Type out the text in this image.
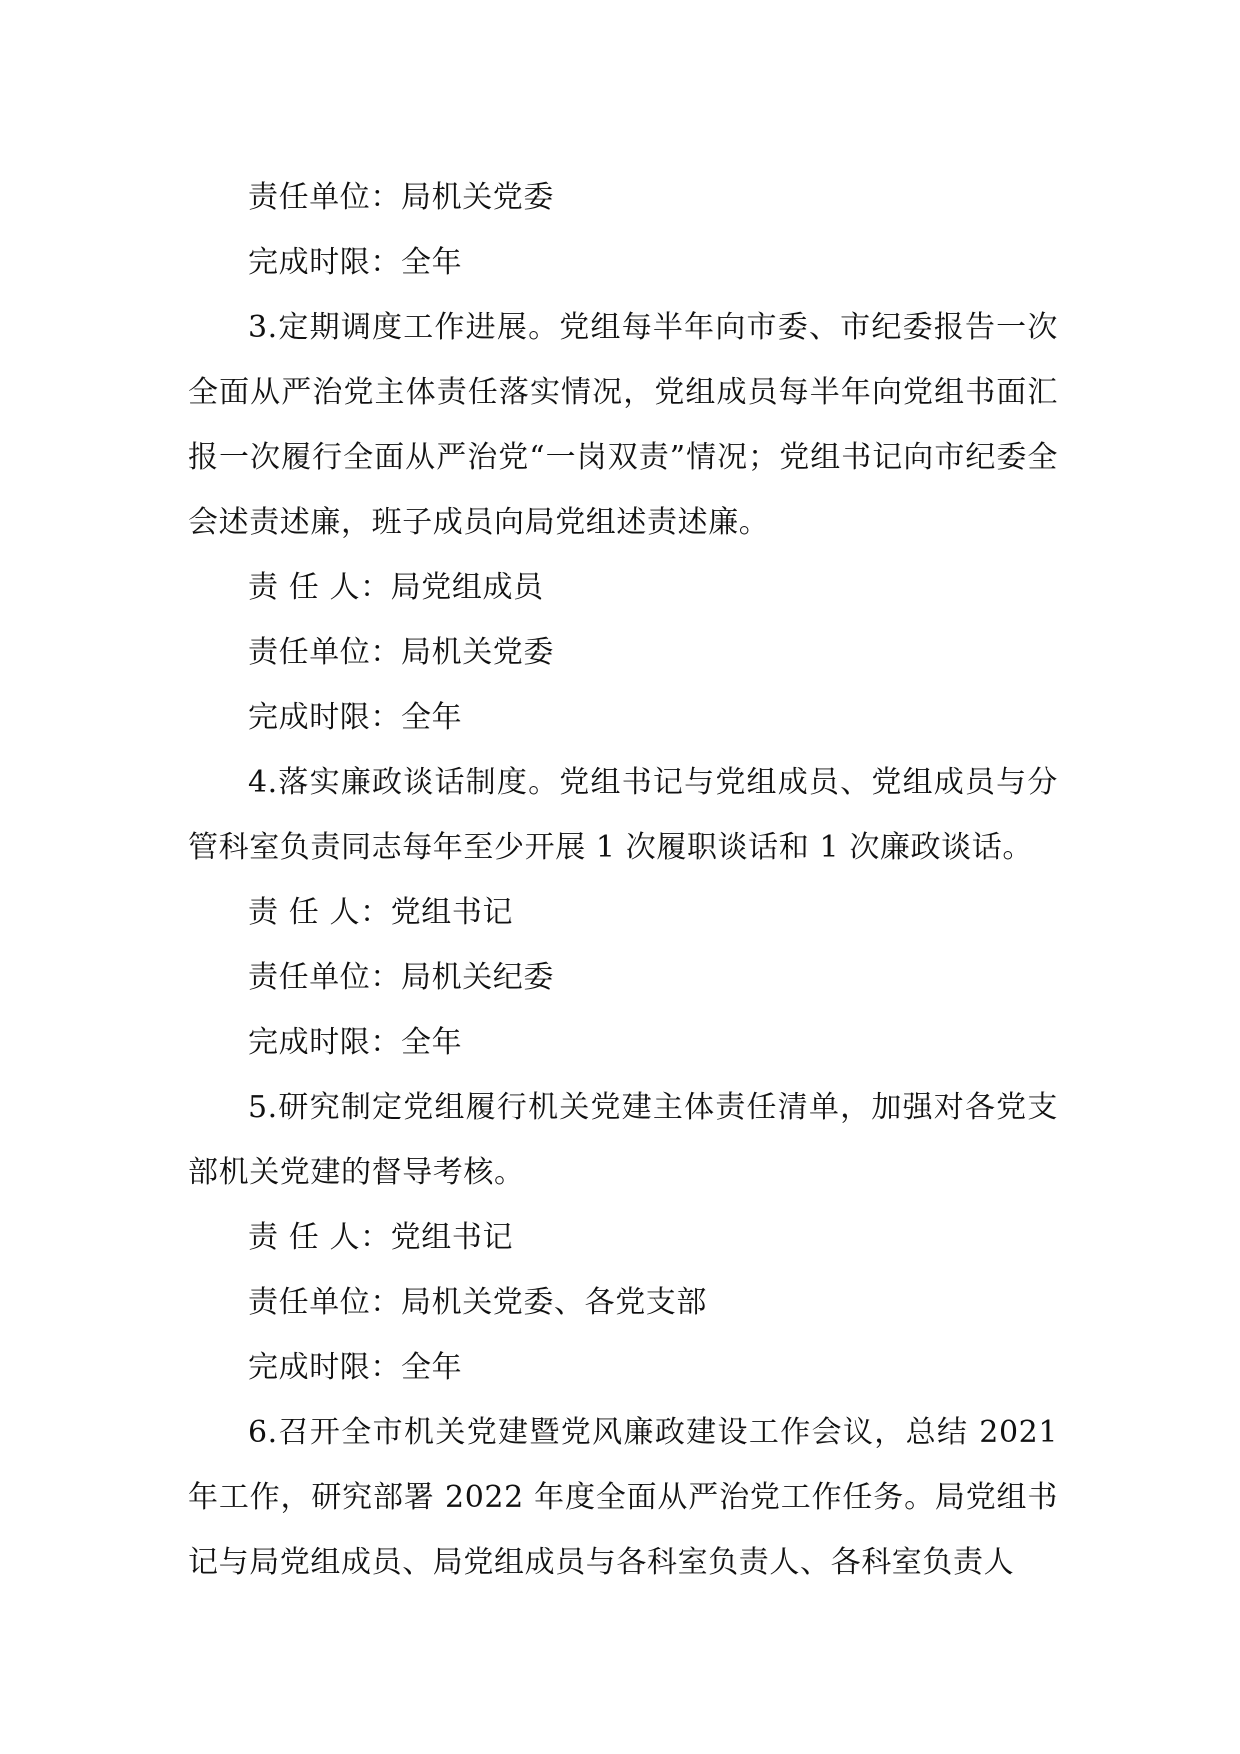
责任单位：局机关党委

完成时限：全年

3.定期调度工作进展。党组每半年向市委、市纪委报告一次全面从严治党主体责任落实情况，党组成员每半年向党组书面汇报一次履行全面从严治党“一岗双责”情况；党组书记向市纪委全会述责述廉，班子成员向局党组述责述廉。

责 任 人：局党组成员

责任单位：局机关党委

完成时限：全年

4.落实廉政谈话制度。党组书记与党组成员、党组成员与分管科室负责同志每年至少开展 1 次履职谈话和 1 次廉政谈话。

责 任 人：党组书记

责任单位：局机关纪委

完成时限：全年

5.研究制定党组履行机关党建主体责任清单，加强对各党支部机关党建的督导考核。

责 任 人：党组书记

责任单位：局机关党委、各党支部

完成时限：全年

6.召开全市机关党建暨党风廉政建设工作会议，总结 2021 年工作，研究部署 2022 年度全面从严治党工作任务。局党组书记与局党组成员、局党组成员与各科室负责人、各科室负责人
